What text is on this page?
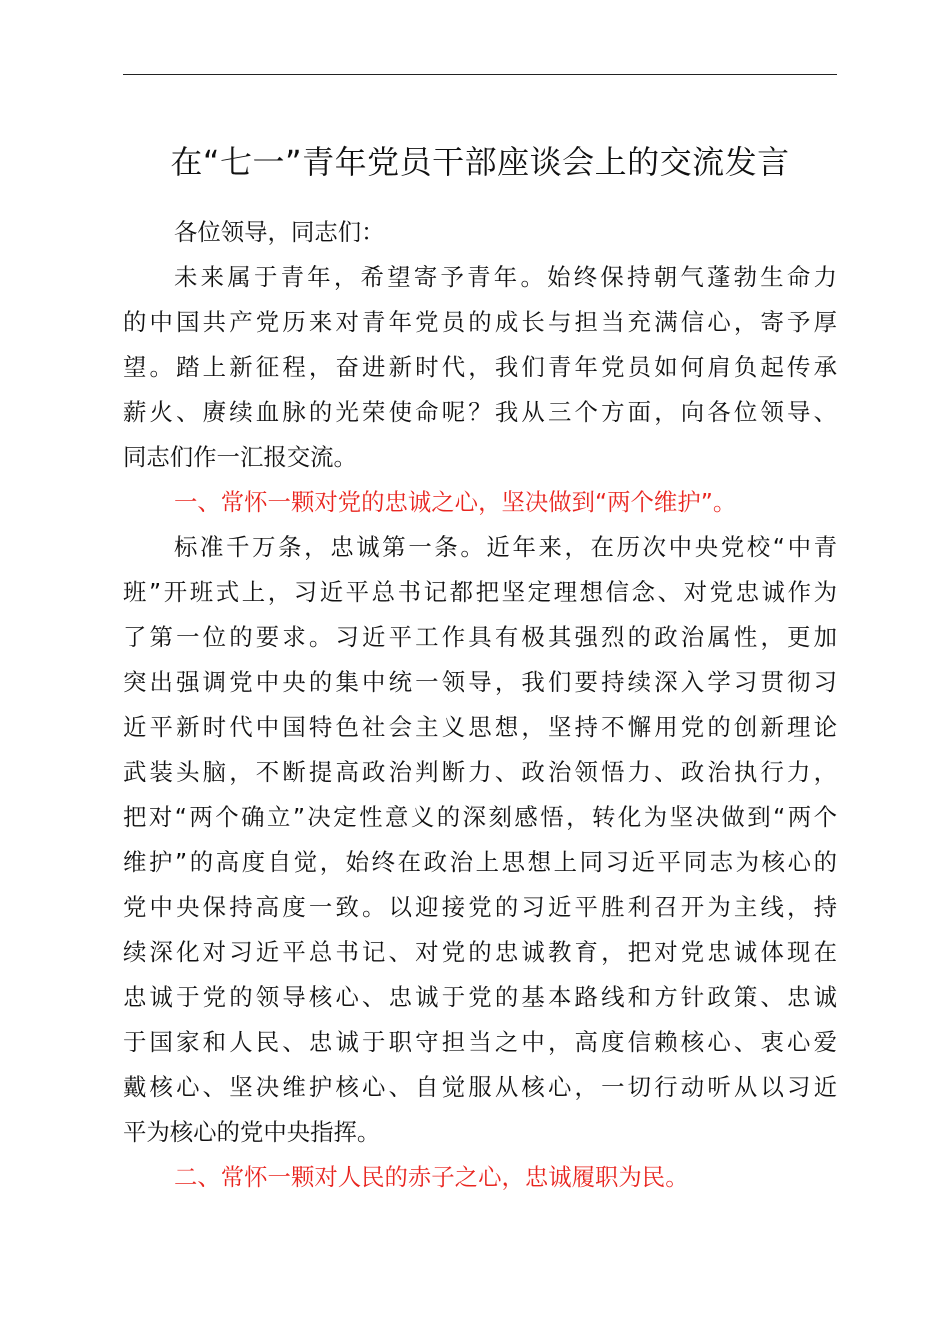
在“七一”青年党员干部座谈会上的交流发言
各位领导，同志们：
未来属于青年，希望寄予青年。始终保持朝气蓬勃生命力
的中国共产党历来对青年党员的成长与担当充满信心，寄予厚
望。踏上新征程，奋进新时代，我们青年党员如何肩负起传承
薪火、赓续血脉的光荣使命呢？我从三个方面，向各位领导、
同志们作一汇报交流。
一、常怀一颗对党的忠诚之心，坚决做到“两个维护”。
标准千万条，忠诚第一条。近年来，在历次中央党校“中青
班”开班式上，习近平总书记都把坚定理想信念、对党忠诚作为
了第一位的要求。习近平工作具有极其强烈的政治属性，更加
突出强调党中央的集中统一领导，我们要持续深入学习贯彻习
近平新时代中国特色社会主义思想，坚持不懈用党的创新理论
武装头脑，不断提高政治判断力、政治领悟力、政治执行力，
把对“两个确立”决定性意义的深刻感悟，转化为坚决做到“两个
维护”的高度自觉，始终在政治上思想上同习近平同志为核心的
党中央保持高度一致。以迎接党的习近平胜利召开为主线，持
续深化对习近平总书记、对党的忠诚教育，把对党忠诚体现在
忠诚于党的领导核心、忠诚于党的基本路线和方针政策、忠诚
于国家和人民、忠诚于职守担当之中，高度信赖核心、衷心爱
戴核心、坚决维护核心、自觉服从核心，一切行动听从以习近
平为核心的党中央指挥。
二、常怀一颗对人民的赤子之心，忠诚履职为民。
